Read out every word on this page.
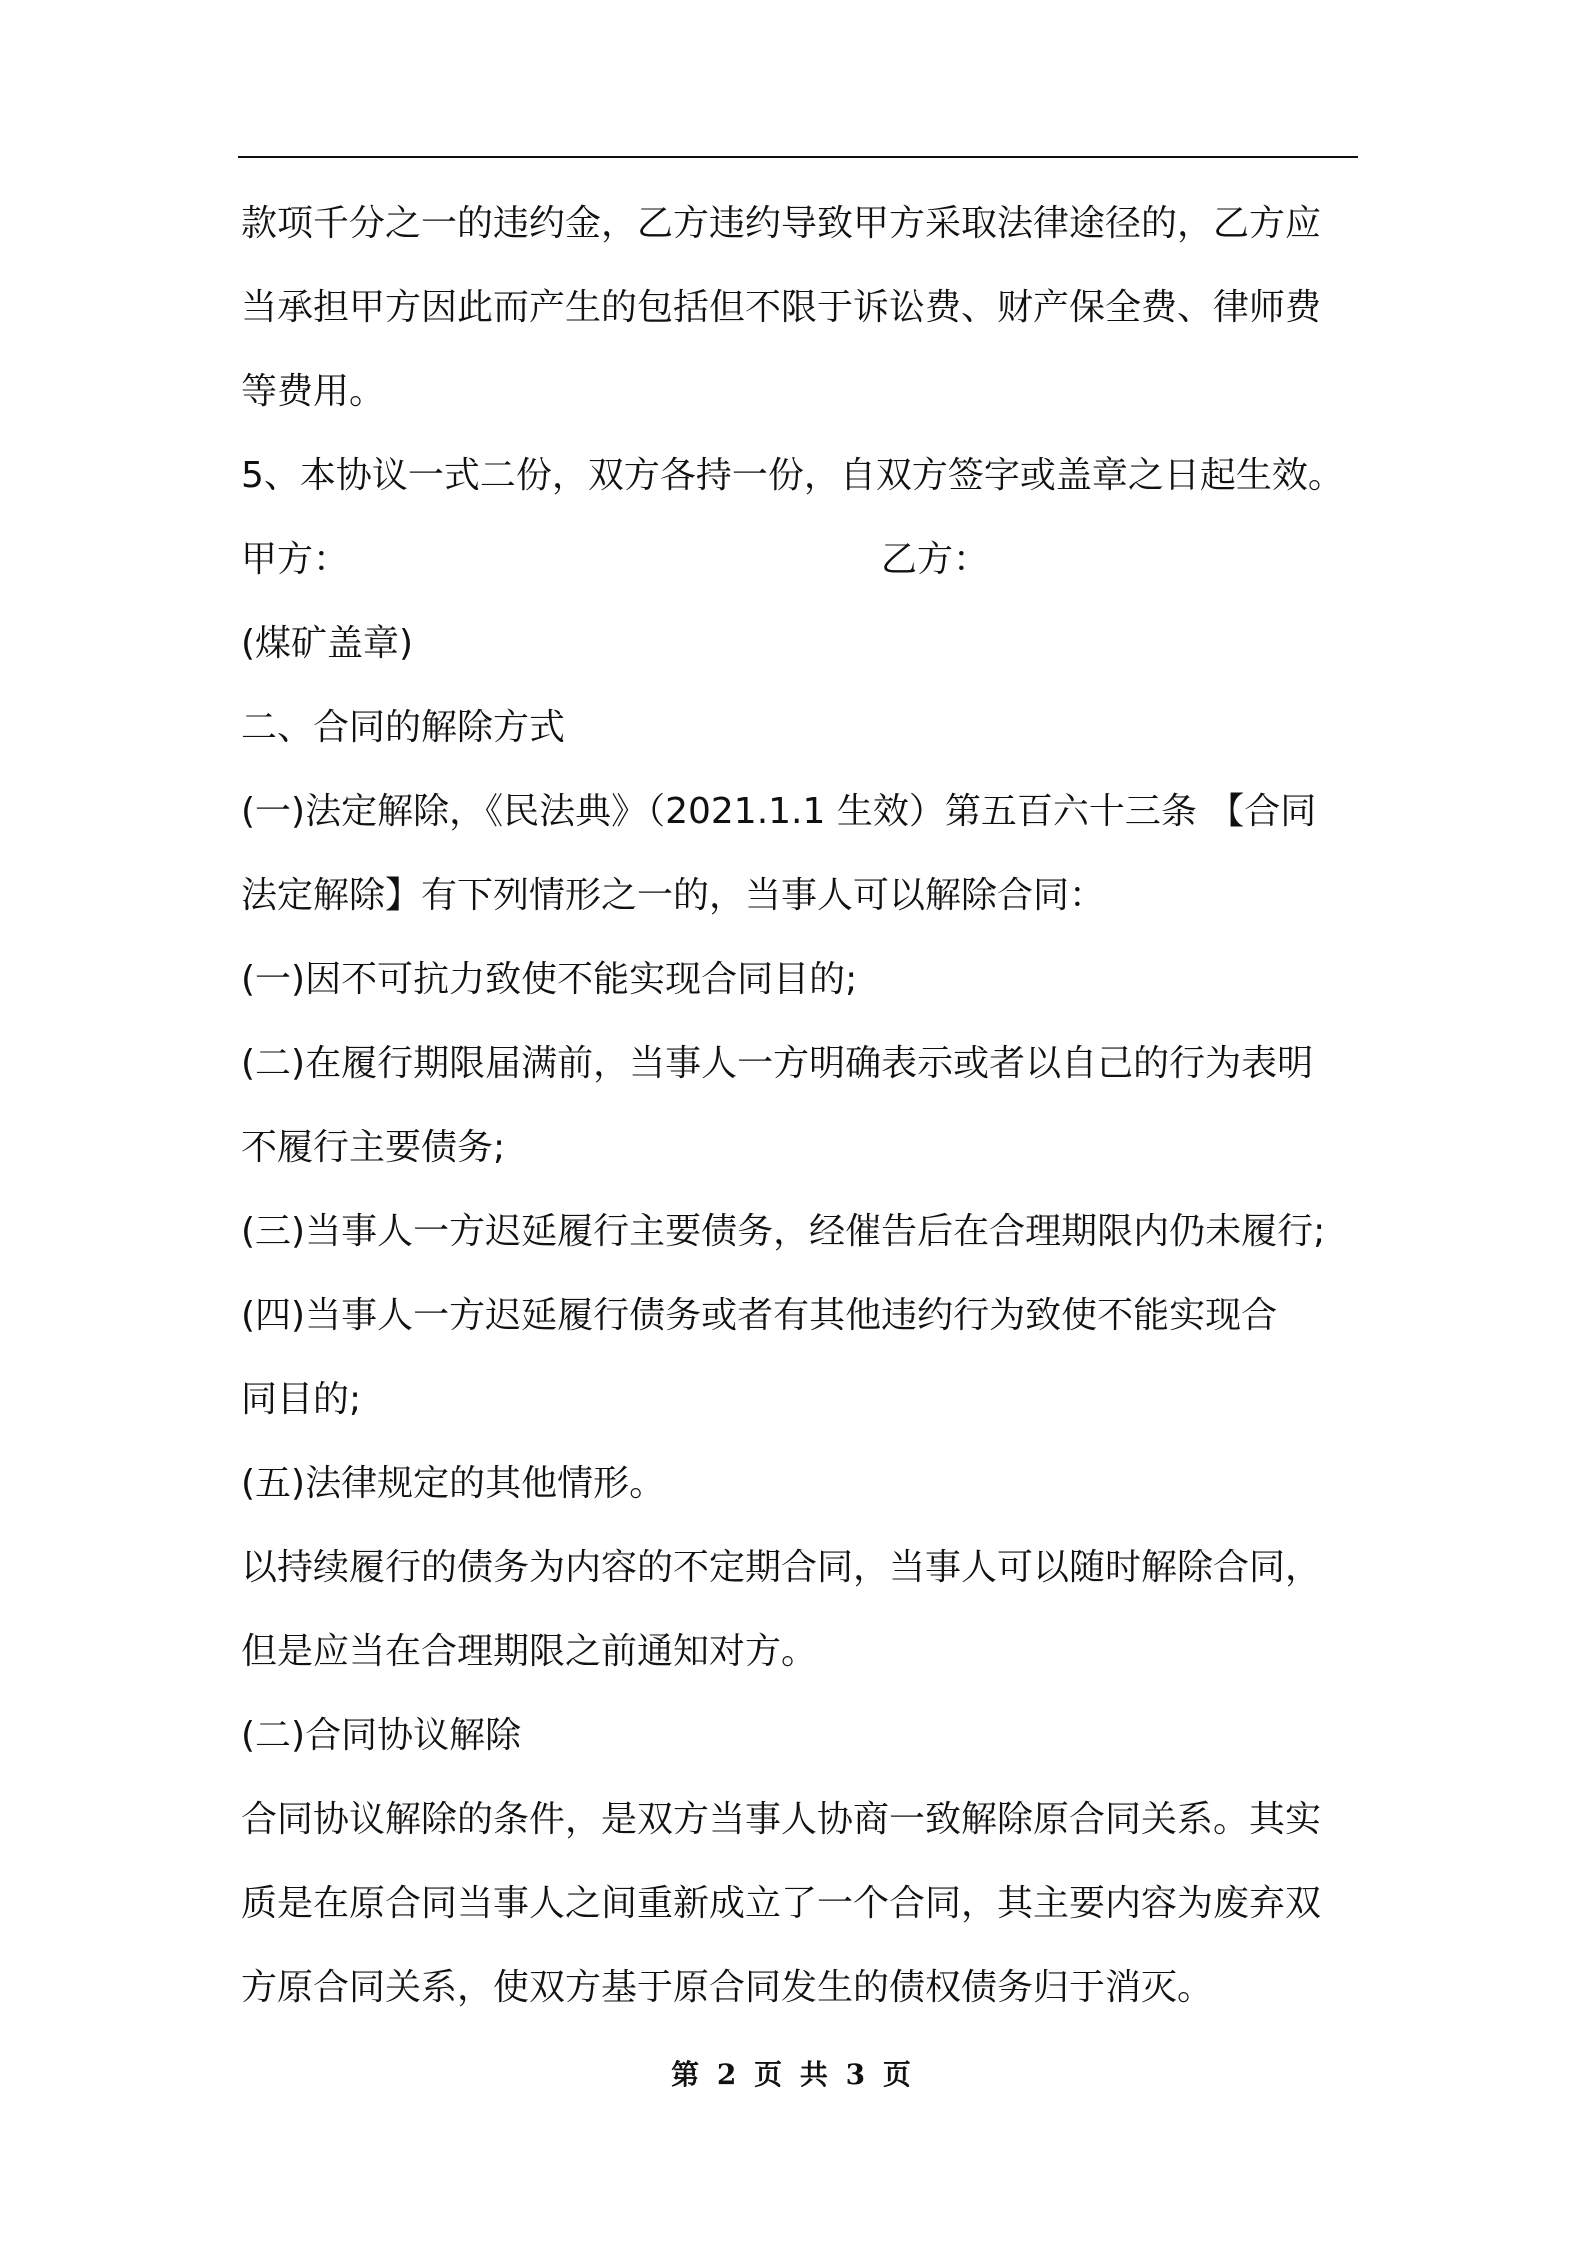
款项千分之一的违约金，乙方违约导致甲方采取法律途径的，乙方应
当承担甲方因此而产生的包括但不限于诉讼费、财产保全费、律师费
等费用。
5、本协议一式二份，双方各持一份，自双方签字或盖章之日起生效。
甲方：	乙方：
(煤矿盖章)
二、合同的解除方式
(一)法定解除，《民法典》（2021.1.1 生效）第五百六十三条 【合同
法定解除】有下列情形之一的，当事人可以解除合同：
(一)因不可抗力致使不能实现合同目的;
(二)在履行期限届满前，当事人一方明确表示或者以自己的行为表明
不履行主要债务;
(三)当事人一方迟延履行主要债务，经催告后在合理期限内仍未履行;
(四)当事人一方迟延履行债务或者有其他违约行为致使不能实现合
同目的;
(五)法律规定的其他情形。
以持续履行的债务为内容的不定期合同，当事人可以随时解除合同，
但是应当在合理期限之前通知对方。
(二)合同协议解除
合同协议解除的条件，是双方当事人协商一致解除原合同关系。其实
质是在原合同当事人之间重新成立了一个合同，其主要内容为废弃双
方原合同关系，使双方基于原合同发生的债权债务归于消灭。
第 2 页 共 3 页
